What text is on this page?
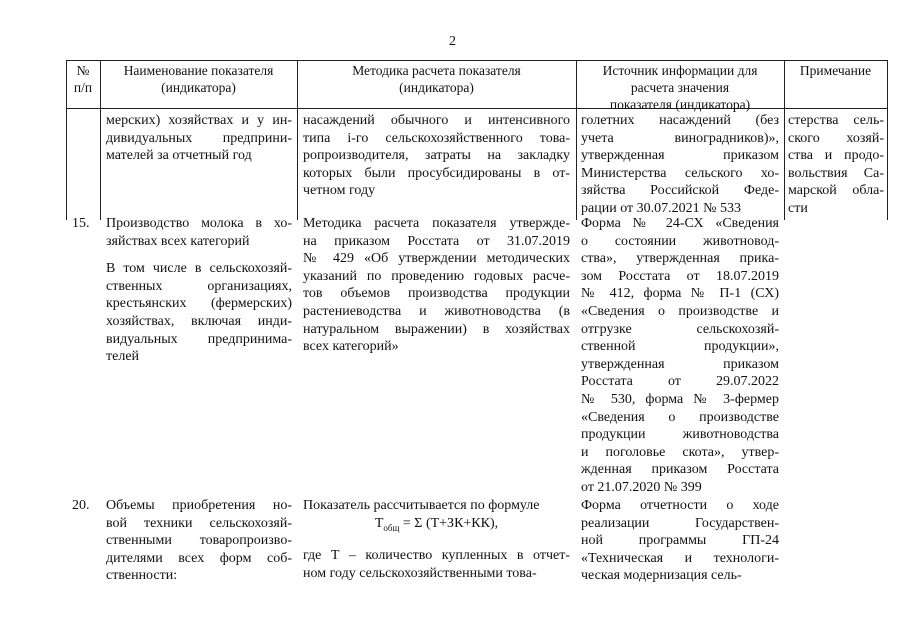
2
№
п/п
Наименование показателя
(индикатора)
Методика расчета показателя
(индикатора)
Источник информации для
расчета значения
показателя (индикатора)
Примечание
мерских) хозяйствах и у ин-
дивидуальных предприни-
мателей за отчетный год
насаждений обычного и интенсивного
типа i-го сельскохозяйственного това-
ропроизводителя, затраты на закладку
которых были просубсидированы в от-
четном году
голетних насаждений (без
учета виноградников)»,
утвержденная приказом
Министерства сельского хо-
зяйства Российской Феде-
рации от 30.07.2021 № 533
стерства сель-
ского хозяй-
ства и продо-
вольствия Са-
марской обла-
сти
15. Производство молока в хо-
зяйствах всех категорий
В том числе в сельскохозяй-
ственных организациях,
крестьянских (фермерских)
хозяйствах, включая инди-
видуальных предпринима-
телей
Методика расчета показателя утвержде-
на приказом Росстата от 31.07.2019
№ 429 «Об утверждении методических
указаний по проведению годовых расче-
тов объемов производства продукции
растениеводства и животноводства (в
натуральном выражении) в хозяйствах
всех категорий»
Форма № 24-СХ «Сведения
о состоянии животновод-
ства», утвержденная прика-
зом Росстата от 18.07.2019
№ 412, форма № П-1 (СХ)
«Сведения о производстве и
отгрузке сельскохозяй-
ственной продукции»,
утвержденная приказом
Росстата от 29.07.2022
№ 530, форма № 3-фермер
«Сведения о производстве
продукции животноводства
и поголовье скота», утвер-
жденная приказом Росстата
от 21.07.2020 № 399
20. Объемы приобретения но-
вой техники сельскохозяй-
ственными товаропроизво-
дителями всех форм соб-
ственности:
Показатель рассчитывается по формуле
$Т_{общ} = \Sigma$ (Т+ЗК+КК),
где Т – количество купленных в отчет-
ном году сельскохозяйственными това-
Форма отчетности о ходе
реализации Государствен-
ной программы ГП-24
«Техническая и технологи-
ческая модернизация сель-
